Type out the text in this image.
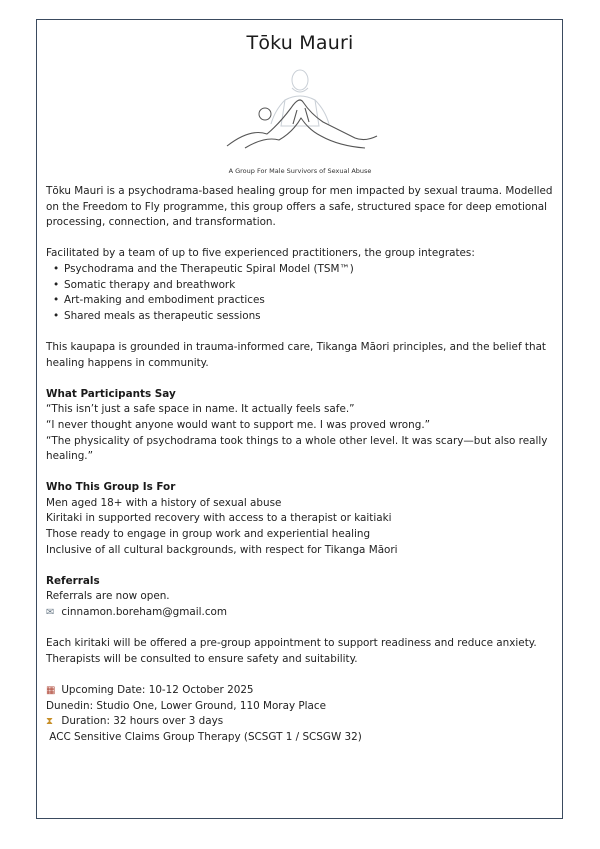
Tōku Mauri
A Group For Male Survivors of Sexual Abuse

Tōku Mauri is a psychodrama-based healing group for men impacted by sexual trauma. Modelled

on the Freedom to Fly programme, this group offers a safe, structured space for deep emotional

processing, connection, and transformation.

Facilitated by a team of up to five experienced practitioners, the group integrates:

• Psychodrama and the Therapeutic Spiral Model (TSM™)
• Somatic therapy and breathwork
• Art-making and embodiment practices
• Shared meals as therapeutic sessions

This kaupapa is grounded in trauma-informed care, Tikanga Māori principles, and the belief that

healing happens in community.

What Participants Say

“This isn’t just a safe space in name. It actually feels safe.”

“I never thought anyone would want to support me. I was proved wrong.”

“The physicality of psychodrama took things to a whole other level. It was scary—but also really

healing.”

Who This Group Is For

Men aged 18+ with a history of sexual abuse

Kiritaki in supported recovery with access to a therapist or kaitiaki

Those ready to engage in group work and experiential healing

Inclusive of all cultural backgrounds, with respect for Tikanga Māori

Referrals

Referrals are now open.

✉ cinnamon.boreham@gmail.com

Each kiritaki will be offered a pre-group appointment to support readiness and reduce anxiety.

Therapists will be consulted to ensure safety and suitability.

▦ Upcoming Date: 10-12 October 2025

Dunedin: Studio One, Lower Ground, 110 Moray Place

⧗ Duration: 32 hours over 3 days

ACC Sensitive Claims Group Therapy (SCSGT 1 / SCSGW 32)
